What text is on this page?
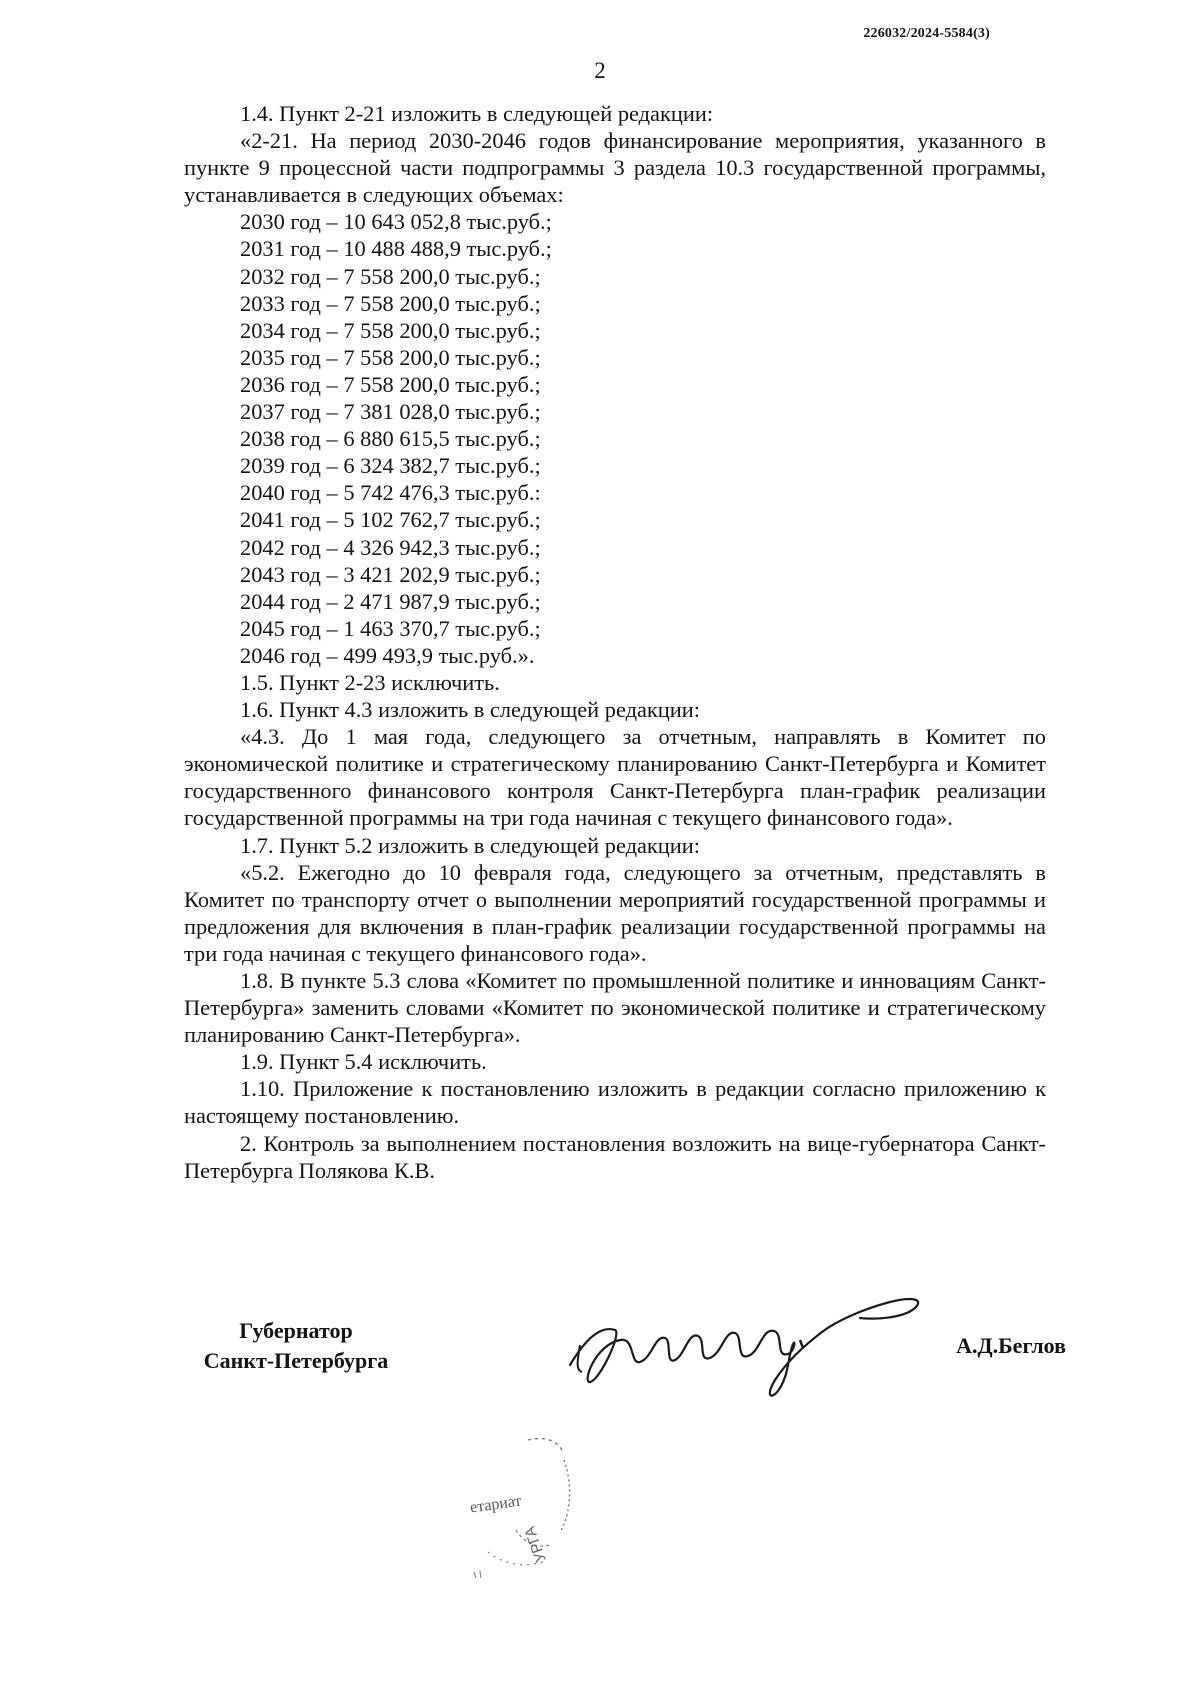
226032/2024-5584(3)
2
1.4. Пункт 2-21 изложить в следующей редакции:
«2-21. На период 2030-2046 годов финансирование мероприятия, указанного в пункте 9 процессной части подпрограммы 3 раздела 10.3 государственной программы, устанавливается в следующих объемах:
2030 год – 10 643 052,8 тыс.руб.;
2031 год – 10 488 488,9 тыс.руб.;
2032 год – 7 558 200,0 тыс.руб.;
2033 год – 7 558 200,0 тыс.руб.;
2034 год – 7 558 200,0 тыс.руб.;
2035 год – 7 558 200,0 тыс.руб.;
2036 год – 7 558 200,0 тыс.руб.;
2037 год – 7 381 028,0 тыс.руб.;
2038 год – 6 880 615,5 тыс.руб.;
2039 год – 6 324 382,7 тыс.руб.;
2040 год – 5 742 476,3 тыс.руб.:
2041 год – 5 102 762,7 тыс.руб.;
2042 год – 4 326 942,3 тыс.руб.;
2043 год – 3 421 202,9 тыс.руб.;
2044 год – 2 471 987,9 тыс.руб.;
2045 год – 1 463 370,7 тыс.руб.;
2046 год – 499 493,9 тыс.руб.».
1.5. Пункт 2-23 исключить.
1.6. Пункт 4.3 изложить в следующей редакции:
«4.3. До 1 мая года, следующего за отчетным, направлять в Комитет по экономической политике и стратегическому планированию Санкт-Петербурга и Комитет государственного финансового контроля Санкт-Петербурга план-график реализации государственной программы на три года начиная с текущего финансового года».
1.7. Пункт 5.2 изложить в следующей редакции:
«5.2. Ежегодно до 10 февраля года, следующего за отчетным, представлять в Комитет по транспорту отчет о выполнении мероприятий государственной программы и предложения для включения в план-график реализации государственной программы на три года начиная с текущего финансового года».
1.8. В пункте 5.3 слова «Комитет по промышленной политике и инновациям Санкт-Петербурга» заменить словами «Комитет по экономической политике и стратегическому планированию Санкт-Петербурга».
1.9. Пункт 5.4 исключить.
1.10. Приложение к постановлению изложить в редакции согласно приложению к настоящему постановлению.
2. Контроль за выполнением постановления возложить на вице-губернатора Санкт-Петербурга Полякова К.В.
Губернатор
Санкт-Петербурга
А.Д.Беглов
УРГА
етариат
